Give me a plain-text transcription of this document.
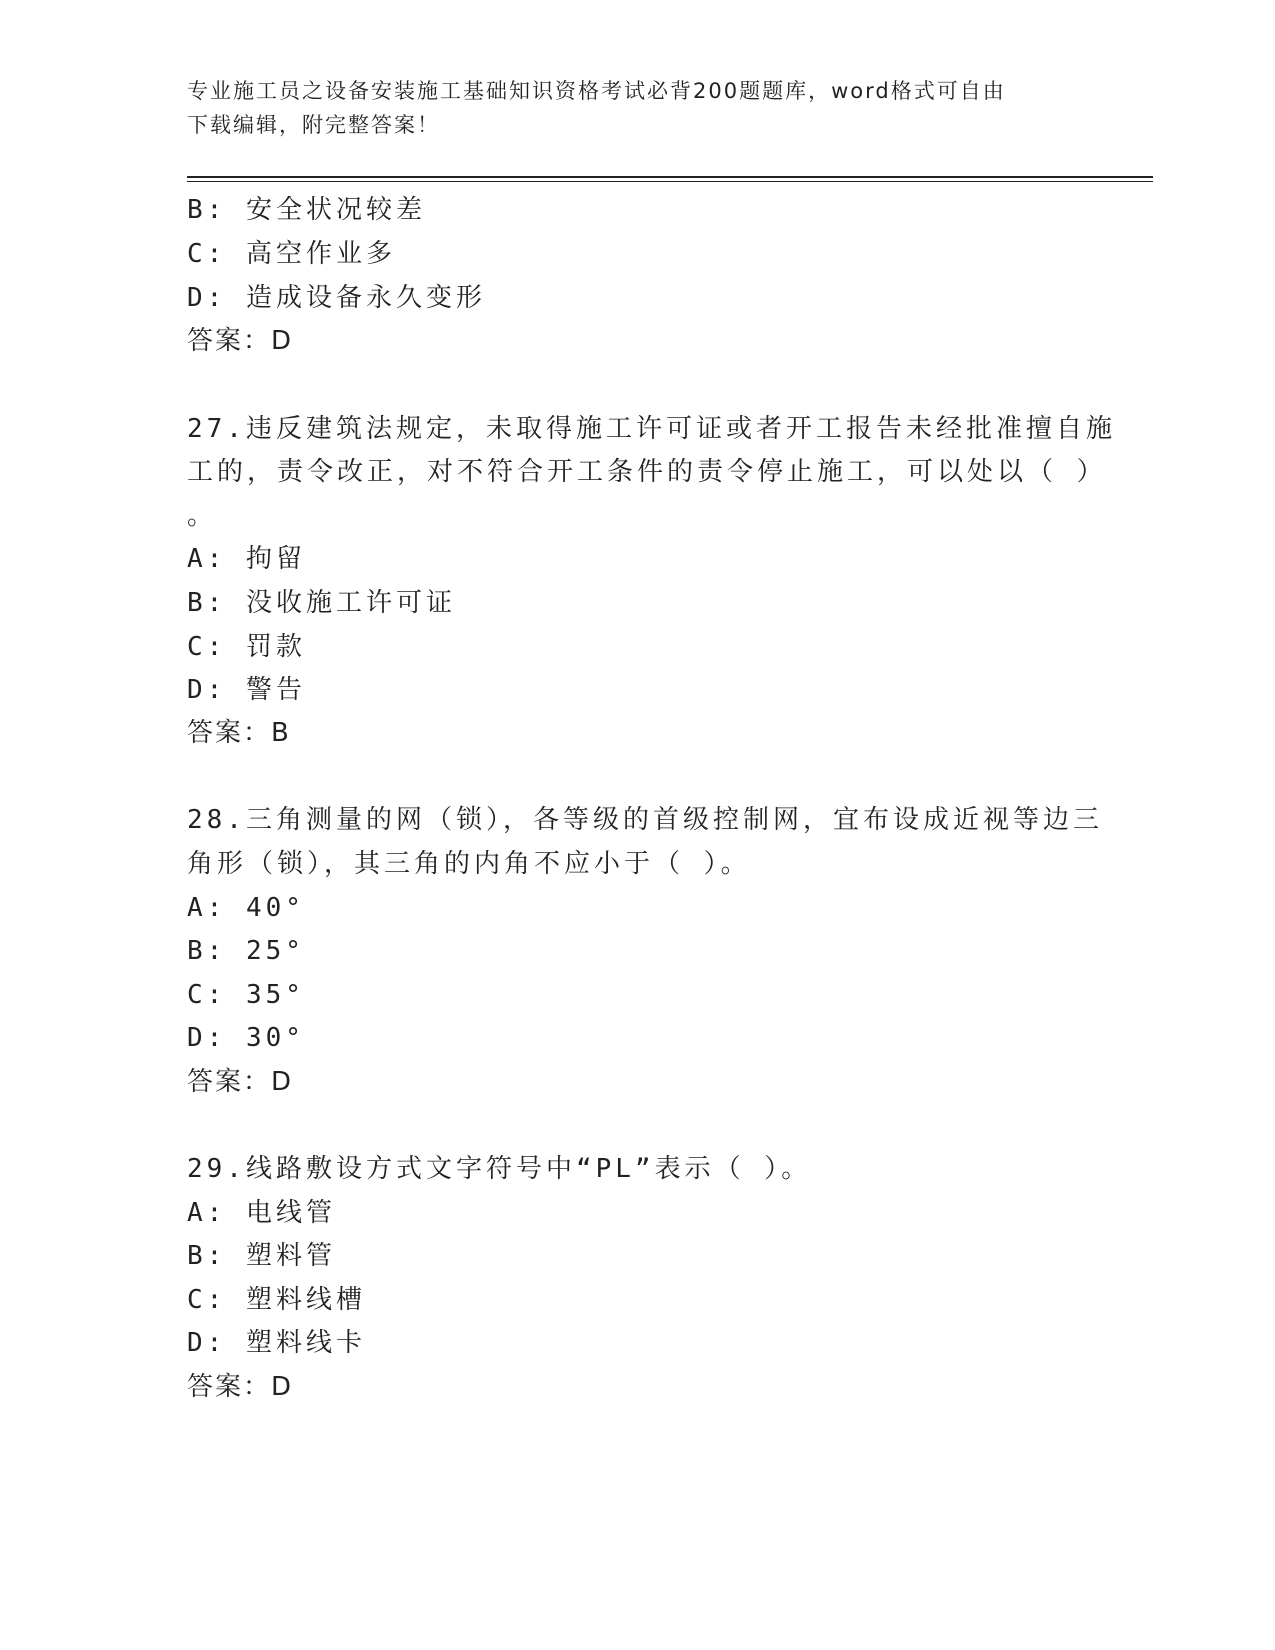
专业施工员之设备安装施工基础知识资格考试必背200题题库，word格式可自由
下载编辑，附完整答案！
B: 安全状况较差
C: 高空作业多
D: 造成设备永久变形
答案：D
27.违反建筑法规定，未取得施工许可证或者开工报告未经批准擅自施
工的，责令改正，对不符合开工条件的责令停止施工，可以处以（ ）
。
A: 拘留
B: 没收施工许可证
C: 罚款
D: 警告
答案：B
28.三角测量的网（锁），各等级的首级控制网，宜布设成近视等边三
角形（锁），其三角的内角不应小于（ ）。
A: 40°
B: 25°
C: 35°
D: 30°
答案：D
29.线路敷设方式文字符号中“PL”表示（ ）。
A: 电线管
B: 塑料管
C: 塑料线槽
D: 塑料线卡
答案：D
